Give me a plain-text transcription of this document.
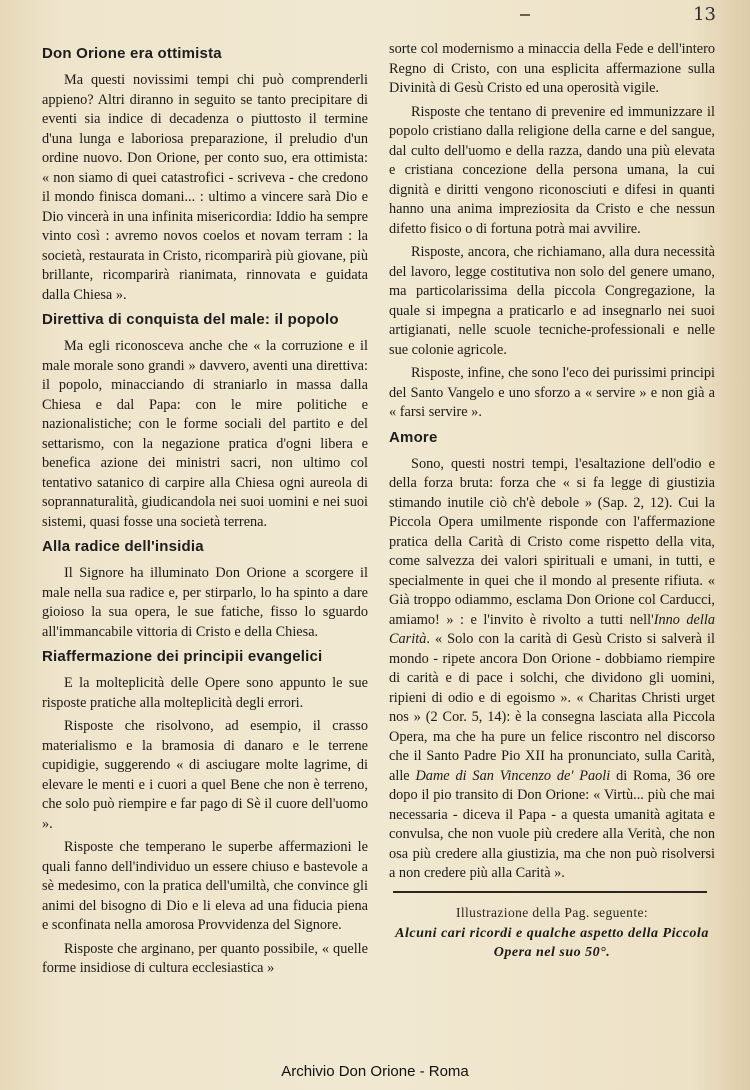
13
Don Orione era ottimista

Ma questi novissimi tempi chi può comprenderli appieno? Altri diranno in seguito se tanto precipitare di eventi sia indice di decadenza o piuttosto il termine d'una lunga e laboriosa preparazione, il preludio d'un ordine nuovo. Don Orione, per conto suo, era ottimista: « non siamo di quei catastrofici - scriveva - che credono il mondo finisca domani... : ultimo a vincere sarà Dio e Dio vincerà in una infinita misericordia: Iddio ha sempre vinto così : avremo novos coelos et novam terram : la società, restaurata in Cristo, ricomparirà più giovane, più brillante, ricomparirà rianimata, rinnovata e guidata dalla Chiesa ».

Direttiva di conquista del male: il popolo

Ma egli riconosceva anche che « la corruzione e il male morale sono grandi » davvero, aventi una direttiva: il popolo, minacciando di straniarlo in massa dalla Chiesa e dal Papa: con le mire politiche e nazionalistiche; con le forme sociali del partito e del settarismo, con la negazione pratica d'ogni libera e benefica azione dei ministri sacri, non ultimo col tentativo satanico di carpire alla Chiesa ogni aureola di soprannaturalità, giudicandola nei suoi uomini e nei suoi sistemi, quasi fosse una società terrena.

Alla radice dell'insidia

Il Signore ha illuminato Don Orione a scorgere il male nella sua radice e, per stirparlo, lo ha spinto a dare gioioso la sua opera, le sue fatiche, fisso lo sguardo all'immancabile vittoria di Cristo e della Chiesa.

Riaffermazione dei principii evangelici

E la molteplicità delle Opere sono appunto le sue risposte pratiche alla molteplicità degli errori.

Risposte che risolvono, ad esempio, il crasso materialismo e la bramosia di danaro e le terrene cupidigie, suggerendo « di asciugare molte lagrime, di elevare le menti e i cuori a quel Bene che non è terreno, che solo può riempire e far pago di Sè il cuore dell'uomo ».

Risposte che temperano le superbe affermazioni le quali fanno dell'individuo un essere chiuso e bastevole a sè medesimo, con la pratica dell'umiltà, che convince gli animi del bisogno di Dio e li eleva ad una fiducia piena e sconfinata nella amorosa Provvidenza del Signore.

Risposte che arginano, per quanto possibile, « quelle forme insidiose di cultura ecclesiastica »

sorte col modernismo a minaccia della Fede e dell'intero Regno di Cristo, con una esplicita affermazione sulla Divinità di Gesù Cristo ed una operosità vigile.

Risposte che tentano di prevenire ed immunizzare il popolo cristiano dalla religione della carne e del sangue, dal culto dell'uomo e della razza, dando una più elevata e cristiana concezione della persona umana, la cui dignità e diritti vengono riconosciuti e difesi in quanti hanno una anima impreziosita da Cristo e che nessun difetto fisico o di fortuna potrà mai avvilire.

Risposte, ancora, che richiamano, alla dura necessità del lavoro, legge costitutiva non solo del genere umano, ma particolarissima della piccola Congregazione, la quale si impegna a praticarlo e ad insegnarlo nei suoi artigianati, nelle scuole tecniche-professionali e nelle sue colonie agricole.

Risposte, infine, che sono l'eco dei purissimi principi del Santo Vangelo e uno sforzo a « servire » e non già a « farsi servire ».

Amore

Sono, questi nostri tempi, l'esaltazione dell'odio e della forza bruta: forza che « si fa legge di giustizia stimando inutile ciò ch'è debole » (Sap. 2, 12). Cui la Piccola Opera umilmente risponde con l'affermazione pratica della Carità di Cristo come rispetto della vita, come salvezza dei valori spirituali e umani, in tutti, e specialmente in quei che il mondo al presente rifiuta. « Già troppo odiammo, esclama Don Orione col Carducci, amiamo! » : e l'invito è rivolto a tutti nell'Inno della Carità. « Solo con la carità di Gesù Cristo si salverà il mondo - ripete ancora Don Orione - dobbiamo riempire di carità e di pace i solchi, che dividono gli uomini, ripieni di odio e di egoismo ». « Charitas Christi urget nos » (2 Cor. 5, 14): è la consegna lasciata alla Piccola Opera, ma che ha pure un felice riscontro nel discorso che il Santo Padre Pio XII ha pronunciato, sulla Carità, alle Dame di San Vincenzo de' Paoli di Roma, 36 ore dopo il pio transito di Don Orione: « Virtù... più che mai necessaria - diceva il Papa - a questa umanità agitata e convulsa, che non vuole più credere alla Verità, che non osa più credere alla giustizia, ma che non può risolversi a non credere più alla Carità ».

Illustrazione della Pag. seguente:
Alcuni cari ricordi e qualche aspetto della Piccola Opera nel suo 50°.
Archivio Don Orione - Roma
